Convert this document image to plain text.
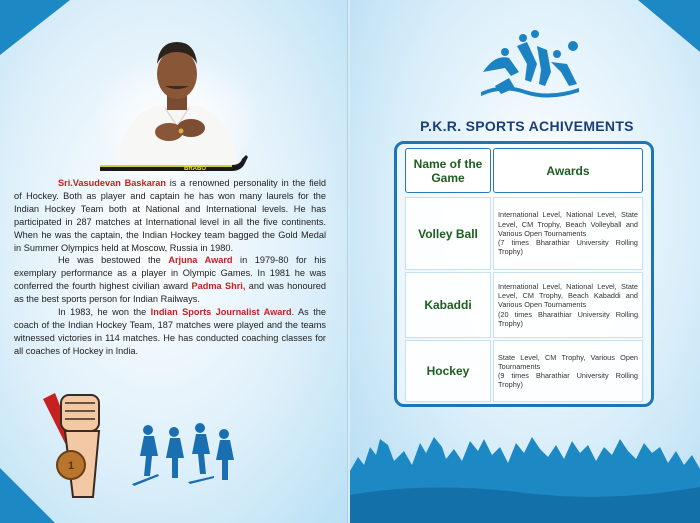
BRABO

Sri.Vasudevan Baskaran is a renowned personality in the field of Hockey. Both as player and captain he has won many laurels for the Indian Hockey Team both at National and International levels. He has participated in 287 matches at International level in all the five continents. When he was the captain, the Indian Hockey team bagged the Gold Medal in Summer Olympics held at Moscow, Russia in 1980.

He was bestowed the Arjuna Award in 1979-80 for his exemplary performance as a player in Olympic Games. In 1981 he was conferred the fourth highest civilian award Padma Shri, and was honoured as the best sports person for Indian Railways.

In 1983, he won the Indian Sports Journalist Award. As the coach of the Indian Hockey Team, 187 matches were played and the teams witnessed victories in 114 matches. He has conducted coaching classes for all coaches of Hockey in India.

1
P.K.R. SPORTS ACHIVEMENTS
Name of the Game	Awards
Volley Ball
International Level, National Level, State Level, CM Trophy, Beach Volleyball and Various Open Tournaments
(7 times Bharathiar University Rolling Trophy)
Kabaddi
International Level, National Level, State Level, CM Trophy, Beach Kabaddi and Various Open Tournaments
(20 times Bharathiar University Rolling Trophy)
Hockey
State Level, CM Trophy, Various Open Tournaments
(9 times Bharathiar University Rolling Trophy)
